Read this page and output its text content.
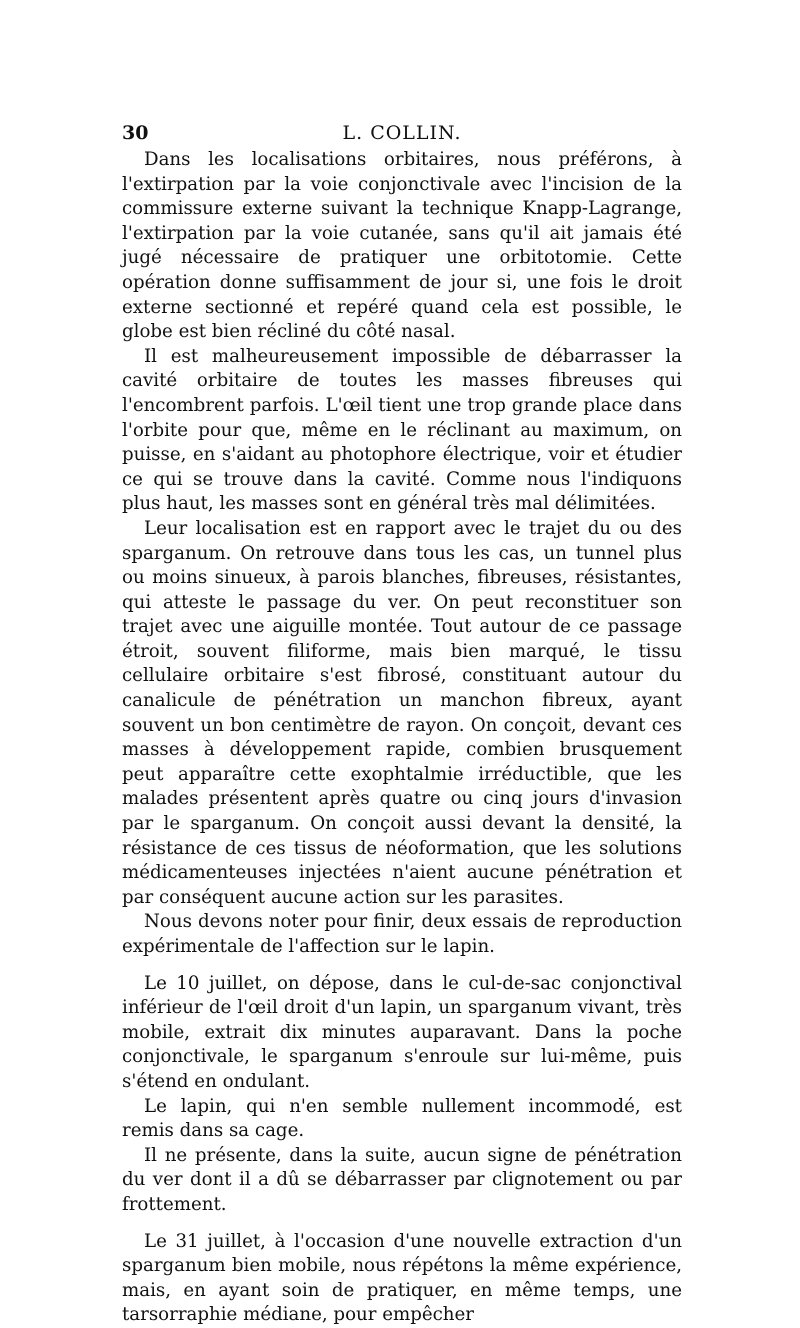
30	L. COLLIN.

Dans les localisations orbitaires, nous préférons, à l'extirpation par la voie conjonctivale avec l'incision de la commissure externe suivant la technique Knapp-Lagrange, l'extirpation par la voie cutanée, sans qu'il ait jamais été jugé nécessaire de pratiquer une orbitotomie. Cette opération donne suffisamment de jour si, une fois le droit externe sectionné et repéré quand cela est possible, le globe est bien récliné du côté nasal.

Il est malheureusement impossible de débarrasser la cavité orbitaire de toutes les masses fibreuses qui l'encombrent parfois. L'œil tient une trop grande place dans l'orbite pour que, même en le réclinant au maximum, on puisse, en s'aidant au photophore électrique, voir et étudier ce qui se trouve dans la cavité. Comme nous l'indiquons plus haut, les masses sont en général très mal délimitées.

Leur localisation est en rapport avec le trajet du ou des sparganum. On retrouve dans tous les cas, un tunnel plus ou moins sinueux, à parois blanches, fibreuses, résistantes, qui atteste le passage du ver. On peut reconstituer son trajet avec une aiguille montée. Tout autour de ce passage étroit, souvent filiforme, mais bien marqué, le tissu cellulaire orbitaire s'est fibrosé, constituant autour du canalicule de pénétration un manchon fibreux, ayant souvent un bon centimètre de rayon. On conçoit, devant ces masses à développement rapide, combien brusquement peut apparaître cette exophtalmie irréductible, que les malades présentent après quatre ou cinq jours d'invasion par le sparganum. On conçoit aussi devant la densité, la résistance de ces tissus de néoformation, que les solutions médicamenteuses injectées n'aient aucune pénétration et par conséquent aucune action sur les parasites.

Nous devons noter pour finir, deux essais de reproduction expérimentale de l'affection sur le lapin.

Le 10 juillet, on dépose, dans le cul-de-sac conjonctival inférieur de l'œil droit d'un lapin, un sparganum vivant, très mobile, extrait dix minutes auparavant. Dans la poche conjonctivale, le sparganum s'enroule sur lui-même, puis s'étend en ondulant.

Le lapin, qui n'en semble nullement incommodé, est remis dans sa cage.

Il ne présente, dans la suite, aucun signe de pénétration du ver dont il a dû se débarrasser par clignotement ou par frottement.

Le 31 juillet, à l'occasion d'une nouvelle extraction d'un sparganum bien mobile, nous répétons la même expérience, mais, en ayant soin de pratiquer, en même temps, une tarsorraphie médiane, pour empêcher
